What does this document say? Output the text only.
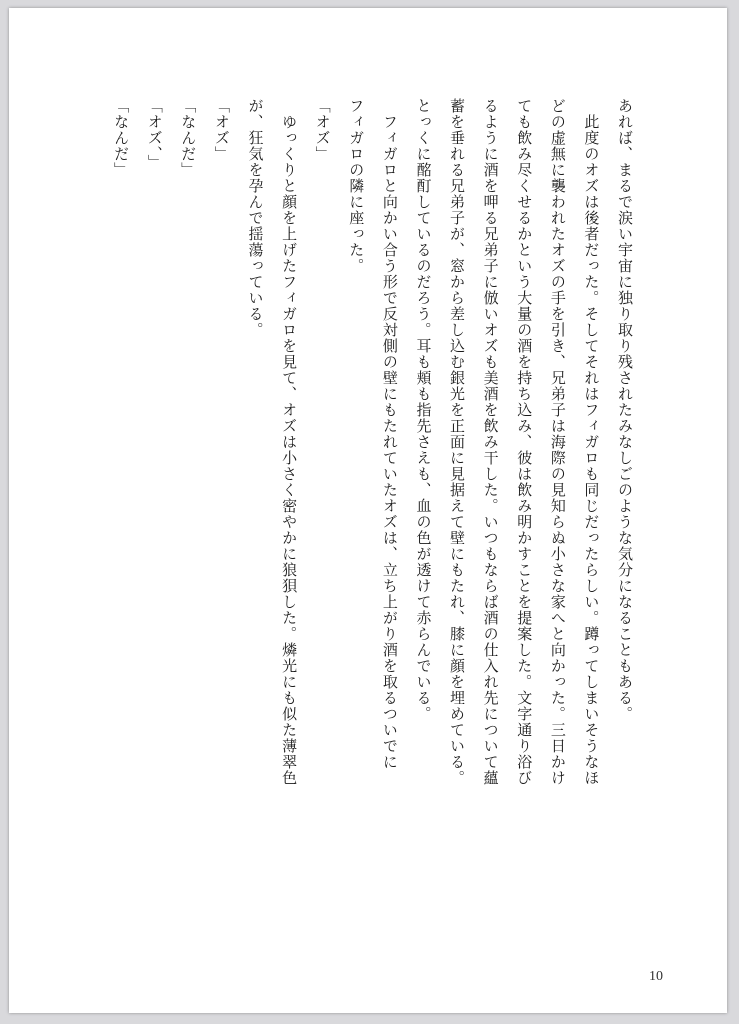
あれば、まるで涙い宇宙に独り取り残されたみなしごのような気分になることもある。

　此度のオズは後者だった。そしてそれはフィガロも同じだったらしい。蹲ってしまいそうなほ

どの虚無に襲われたオズの手を引き、兄弟子は海際の見知らぬ小さな家へと向かった。三日かけ

ても飲み尽くせるかという大量の酒を持ち込み、彼は飲み明かすことを提案した。文字通り浴び

るように酒を呷る兄弟子に倣いオズも美酒を飲み干した。いつもならば酒の仕入れ先について蘊

蓄を垂れる兄弟子が、窓から差し込む銀光を正面に見据えて壁にもたれ、膝に顔を埋めている。

とっくに酩酊しているのだろう。耳も頬も指先さえも、血の色が透けて赤らんでいる。

　フィガロと向かい合う形で反対側の壁にもたれていたオズは、立ち上がり酒を取るついでに

フィガロの隣に座った。

「オズ」

　ゆっくりと顔を上げたフィガロを見て、オズは小さく密やかに狼狽した。燐光にも似た薄翠色

が、狂気を孕んで揺蕩っている。

「オズ」

「なんだ」

「オズ、」

「なんだ」

10
